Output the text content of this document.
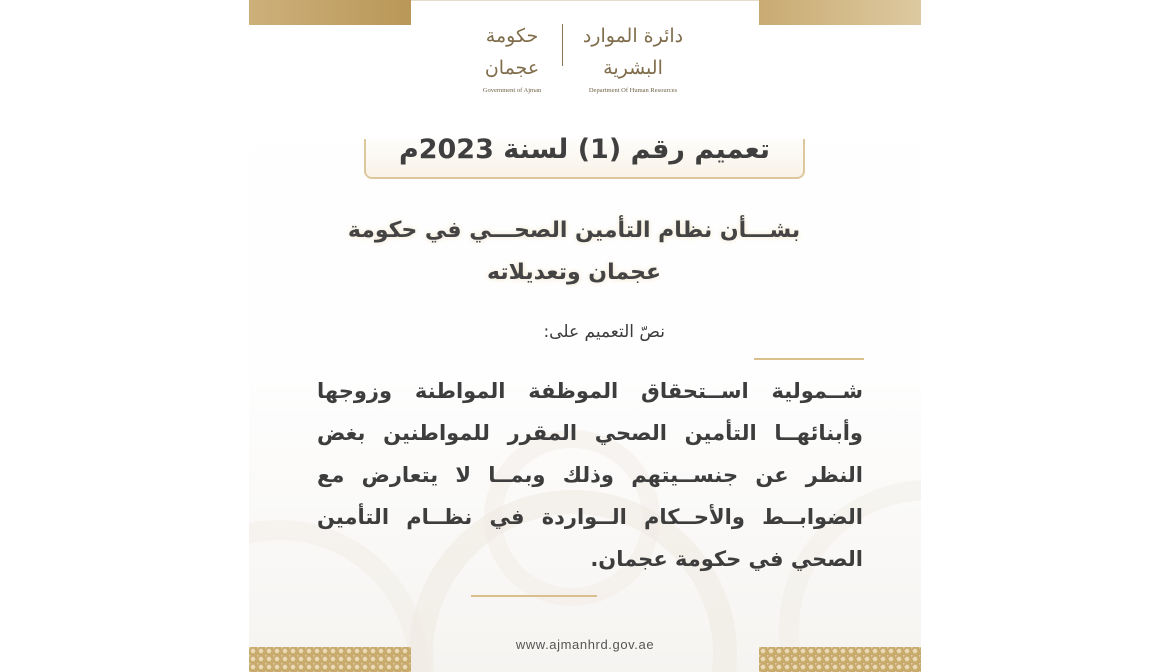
حكومة عجمان
Government of Ajman
دائرة الموارد البشرية
Department Of Human Resources
تعميم رقم (1) لسنة 2023م
بشـــأن نظام التأمين الصحـــي في حكومة عجمان وتعديلاته
نصّ التعميم على:
شــمولية اســتحقاق الموظفة المواطنة وزوجها وأبنائهــا التأمين الصحي المقرر للمواطنين بغض النظر عن جنســيتهم وذلك وبمــا لا يتعارض مع الضوابــط والأحــكام الــواردة في نظــام التأمين الصحي في حكومة عجمان.
www.ajmanhrd.gov.ae
